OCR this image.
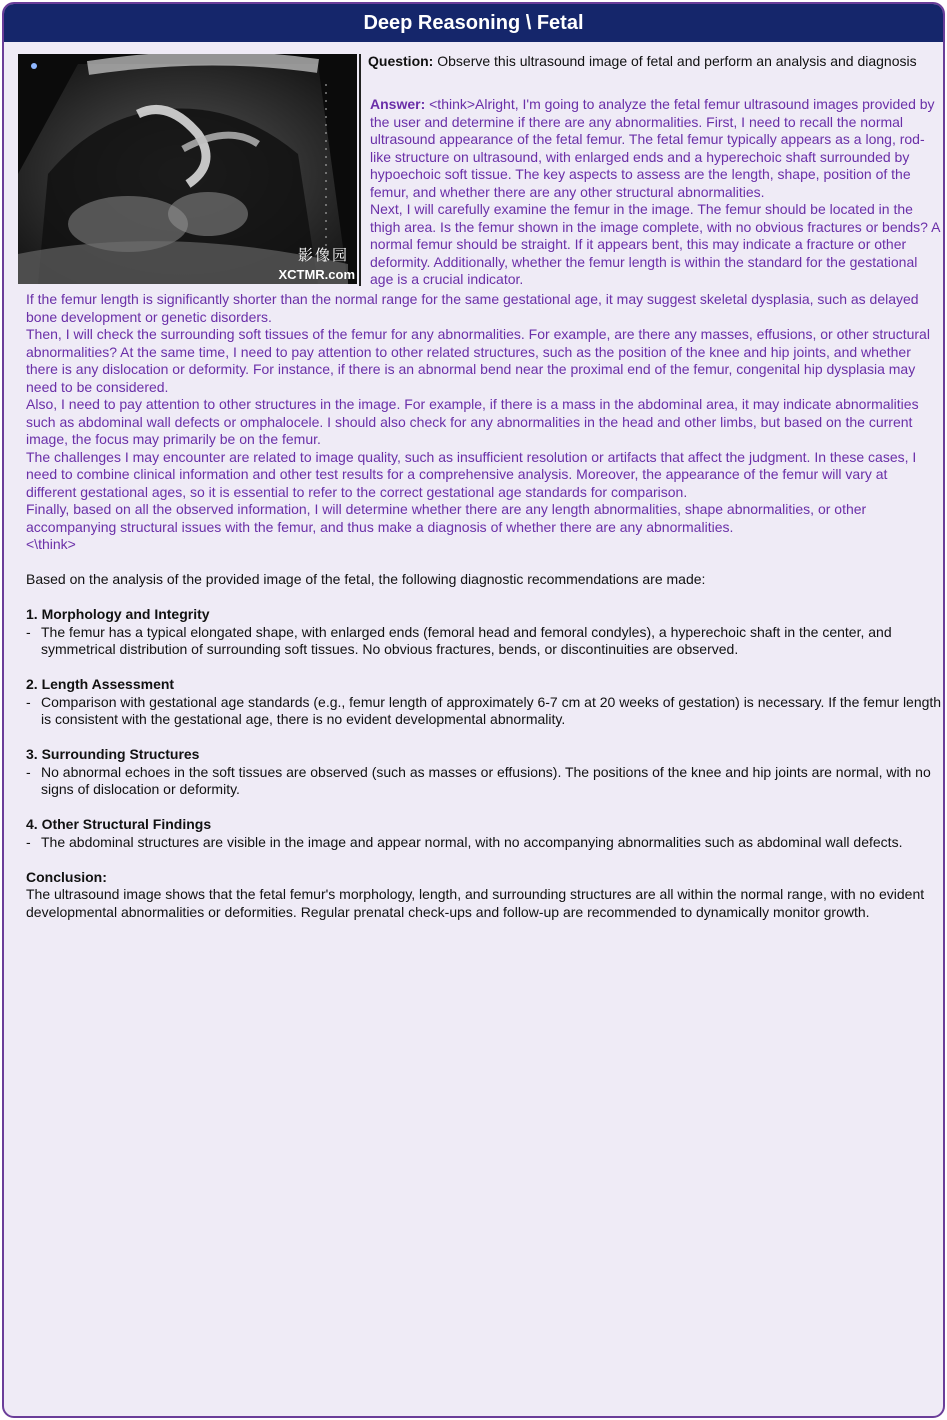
Deep Reasoning \ Fetal
影像园
XCTMR.com
Question: Observe this ultrasound image of fetal and perform an analysis and diagnosis

Answer: <think>Alright, I'm going to analyze the fetal femur ultrasound images provided by the user and determine if there are any abnormalities. First, I need to recall the normal ultrasound appearance of the fetal femur. The fetal femur typically appears as a long, rod-like structure on ultrasound, with enlarged ends and a hyperechoic shaft surrounded by hypoechoic soft tissue. The key aspects to assess are the length, shape, position of the femur, and whether there are any other structural abnormalities.

Next, I will carefully examine the femur in the image. The femur should be located in the thigh area. Is the femur shown in the image complete, with no obvious fractures or bends? A normal femur should be straight. If it appears bent, this may indicate a fracture or other deformity. Additionally, whether the femur length is within the standard for the gestational age is a crucial indicator.

If the femur length is significantly shorter than the normal range for the same gestational age, it may suggest skeletal dysplasia, such as delayed bone development or genetic disorders.

Then, I will check the surrounding soft tissues of the femur for any abnormalities. For example, are there any masses, effusions, or other structural abnormalities? At the same time, I need to pay attention to other related structures, such as the position of the knee and hip joints, and whether there is any dislocation or deformity. For instance, if there is an abnormal bend near the proximal end of the femur, congenital hip dysplasia may need to be considered.

Also, I need to pay attention to other structures in the image. For example, if there is a mass in the abdominal area, it may indicate abnormalities such as abdominal wall defects or omphalocele. I should also check for any abnormalities in the head and other limbs, but based on the current image, the focus may primarily be on the femur.

The challenges I may encounter are related to image quality, such as insufficient resolution or artifacts that affect the judgment. In these cases, I need to combine clinical information and other test results for a comprehensive analysis. Moreover, the appearance of the femur will vary at different gestational ages, so it is essential to refer to the correct gestational age standards for comparison.

Finally, based on all the observed information, I will determine whether there are any length abnormalities, shape abnormalities, or other accompanying structural issues with the femur, and thus make a diagnosis of whether there are any abnormalities.

<\think>

Based on the analysis of the provided image of the fetal, the following diagnostic recommendations are made:

1. Morphology and Integrity

- The femur has a typical elongated shape, with enlarged ends (femoral head and femoral condyles), a hyperechoic shaft in the center, and symmetrical distribution of surrounding soft tissues. No obvious fractures, bends, or discontinuities are observed.

2. Length Assessment

- Comparison with gestational age standards (e.g., femur length of approximately 6-7 cm at 20 weeks of gestation) is necessary. If the femur length is consistent with the gestational age, there is no evident developmental abnormality.

3. Surrounding Structures

- No abnormal echoes in the soft tissues are observed (such as masses or effusions). The positions of the knee and hip joints are normal, with no signs of dislocation or deformity.

4. Other Structural Findings

- The abdominal structures are visible in the image and appear normal, with no accompanying abnormalities such as abdominal wall defects.

Conclusion:

The ultrasound image shows that the fetal femur's morphology, length, and surrounding structures are all within the normal range, with no evident developmental abnormalities or deformities. Regular prenatal check-ups and follow-up are recommended to dynamically monitor growth.
